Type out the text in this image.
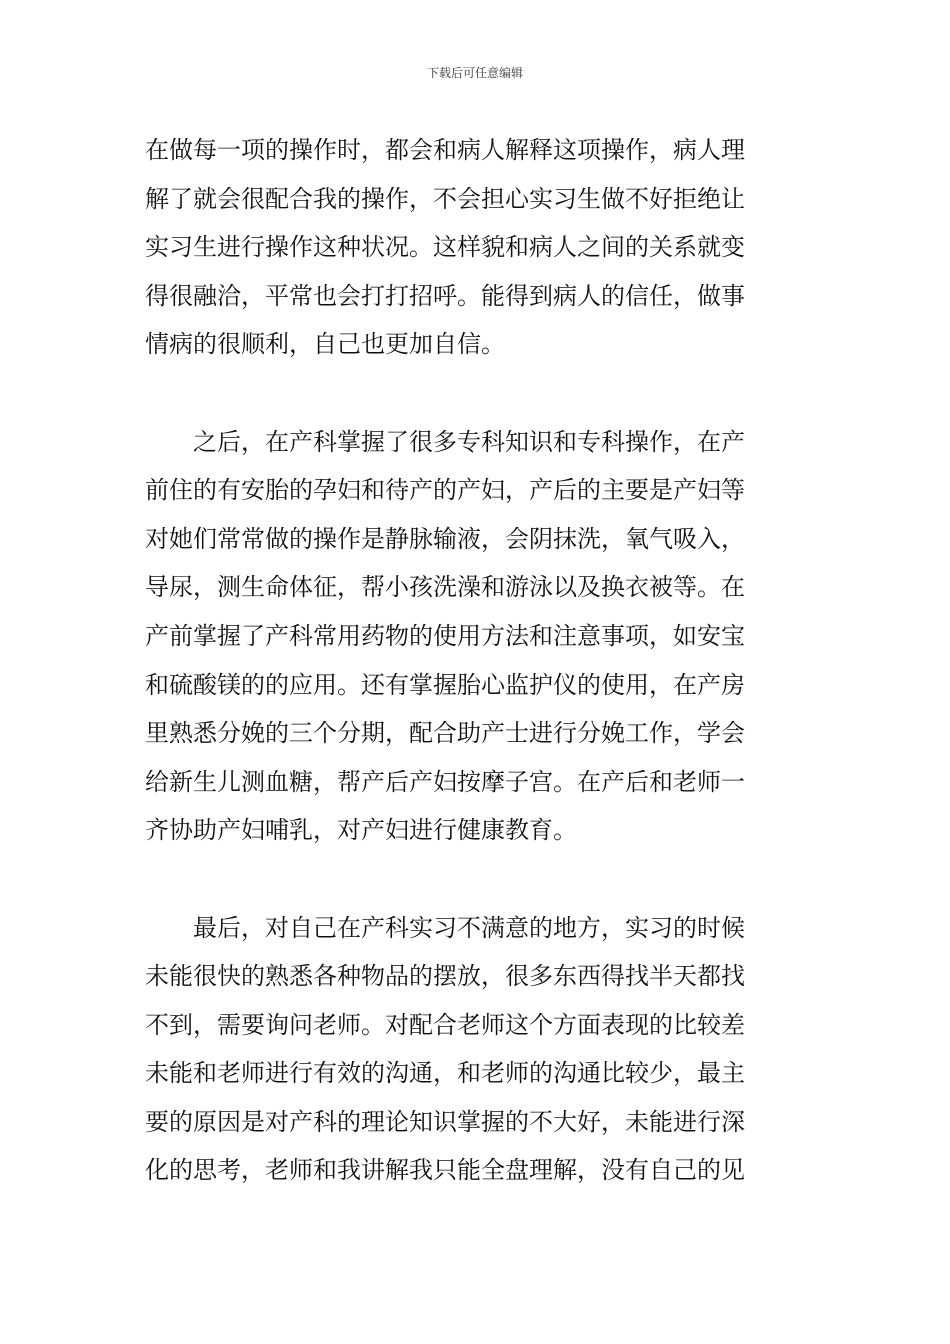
下载后可任意编辑
在做每一项的操作时，都会和病人解释这项操作，病人理
解了就会很配合我的操作，不会担心实习生做不好拒绝让
实习生进行操作这种状况。这样貌和病人之间的关系就变
得很融洽，平常也会打打招呼。能得到病人的信任，做事
情病的很顺利，自己也更加自信。
　　之后，在产科掌握了很多专科知识和专科操作，在产
前住的有安胎的孕妇和待产的产妇，产后的主要是产妇等
对她们常常做的操作是静脉输液，会阴抹洗，氧气吸入，
导尿，测生命体征，帮小孩洗澡和游泳以及换衣被等。在
产前掌握了产科常用药物的使用方法和注意事项，如安宝
和硫酸镁的的应用。还有掌握胎心监护仪的使用，在产房
里熟悉分娩的三个分期，配合助产士进行分娩工作，学会
给新生儿测血糖，帮产后产妇按摩子宫。在产后和老师一
齐协助产妇哺乳，对产妇进行健康教育。
　　最后，对自己在产科实习不满意的地方，实习的时候
未能很快的熟悉各种物品的摆放，很多东西得找半天都找
不到，需要询问老师。对配合老师这个方面表现的比较差
未能和老师进行有效的沟通，和老师的沟通比较少，最主
要的原因是对产科的理论知识掌握的不大好，未能进行深
化的思考，老师和我讲解我只能全盘理解，没有自己的见
